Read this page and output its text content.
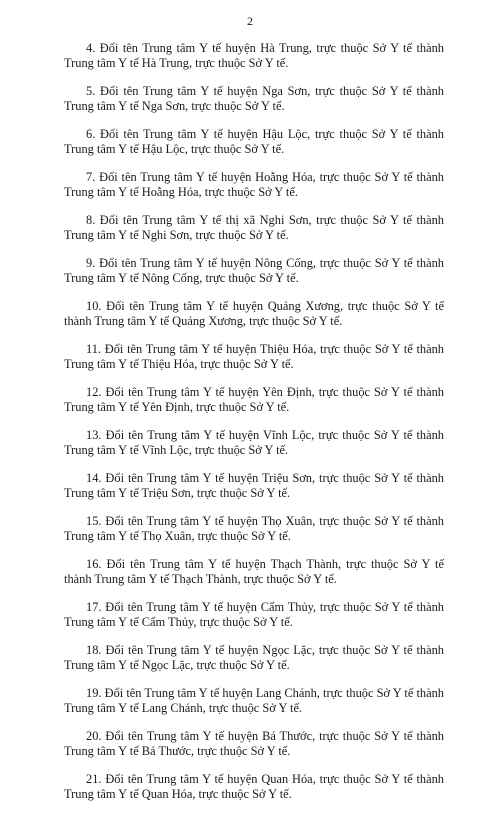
2

4. Đổi tên Trung tâm Y tế huyện Hà Trung, trực thuộc Sở Y tế thành Trung tâm Y tế Hà Trung, trực thuộc Sở Y tế.

5. Đổi tên Trung tâm Y tế huyện Nga Sơn, trực thuộc Sở Y tế thành Trung tâm Y tế Nga Sơn, trực thuộc Sở Y tế.

6. Đổi tên Trung tâm Y tế huyện Hậu Lộc, trực thuộc Sở Y tế thành Trung tâm Y tế Hậu Lộc, trực thuộc Sở Y tế.

7. Đổi tên Trung tâm Y tế huyện Hoằng Hóa, trực thuộc Sở Y tế thành Trung tâm Y tế Hoằng Hóa, trực thuộc Sở Y tế.

8. Đổi tên Trung tâm Y tế thị xã Nghi Sơn, trực thuộc Sở Y tế thành Trung tâm Y tế Nghi Sơn, trực thuộc Sở Y tế.

9. Đổi tên Trung tâm Y tế huyện Nông Cống, trực thuộc Sở Y tế thành Trung tâm Y tế Nông Cống, trực thuộc Sở Y tế.

10. Đổi tên Trung tâm Y tế huyện Quảng Xương, trực thuộc Sở Y tế thành Trung tâm Y tế Quảng Xương, trực thuộc Sở Y tế.

11. Đổi tên Trung tâm Y tế huyện Thiệu Hóa, trực thuộc Sở Y tế thành Trung tâm Y tế Thiệu Hóa, trực thuộc Sở Y tế.

12. Đổi tên Trung tâm Y tế huyện Yên Định, trực thuộc Sở Y tế thành Trung tâm Y tế Yên Định, trực thuộc Sở Y tế.

13. Đổi tên Trung tâm Y tế huyện Vĩnh Lộc, trực thuộc Sở Y tế thành Trung tâm Y tế Vĩnh Lộc, trực thuộc Sở Y tế.

14. Đổi tên Trung tâm Y tế huyện Triệu Sơn, trực thuộc Sở Y tế thành Trung tâm Y tế Triệu Sơn, trực thuộc Sở Y tế.

15. Đổi tên Trung tâm Y tế huyện Thọ Xuân, trực thuộc Sở Y tế thành Trung tâm Y tế Thọ Xuân, trực thuộc Sở Y tế.

16. Đổi tên Trung tâm Y tế huyện Thạch Thành, trực thuộc Sở Y tế thành Trung tâm Y tế Thạch Thành, trực thuộc Sở Y tế.

17. Đổi tên Trung tâm Y tế huyện Cẩm Thủy, trực thuộc Sở Y tế thành Trung tâm Y tế Cẩm Thủy, trực thuộc Sở Y tế.

18. Đổi tên Trung tâm Y tế huyện Ngọc Lặc, trực thuộc Sở Y tế thành Trung tâm Y tế Ngọc Lặc, trực thuộc Sở Y tế.

19. Đổi tên Trung tâm Y tế huyện Lang Chánh, trực thuộc Sở Y tế thành Trung tâm Y tế Lang Chánh, trực thuộc Sở Y tế.

20. Đổi tên Trung tâm Y tế huyện Bá Thước, trực thuộc Sở Y tế thành Trung tâm Y tế Bá Thước, trực thuộc Sở Y tế.

21. Đổi tên Trung tâm Y tế huyện Quan Hóa, trực thuộc Sở Y tế thành Trung tâm Y tế Quan Hóa, trực thuộc Sở Y tế.
